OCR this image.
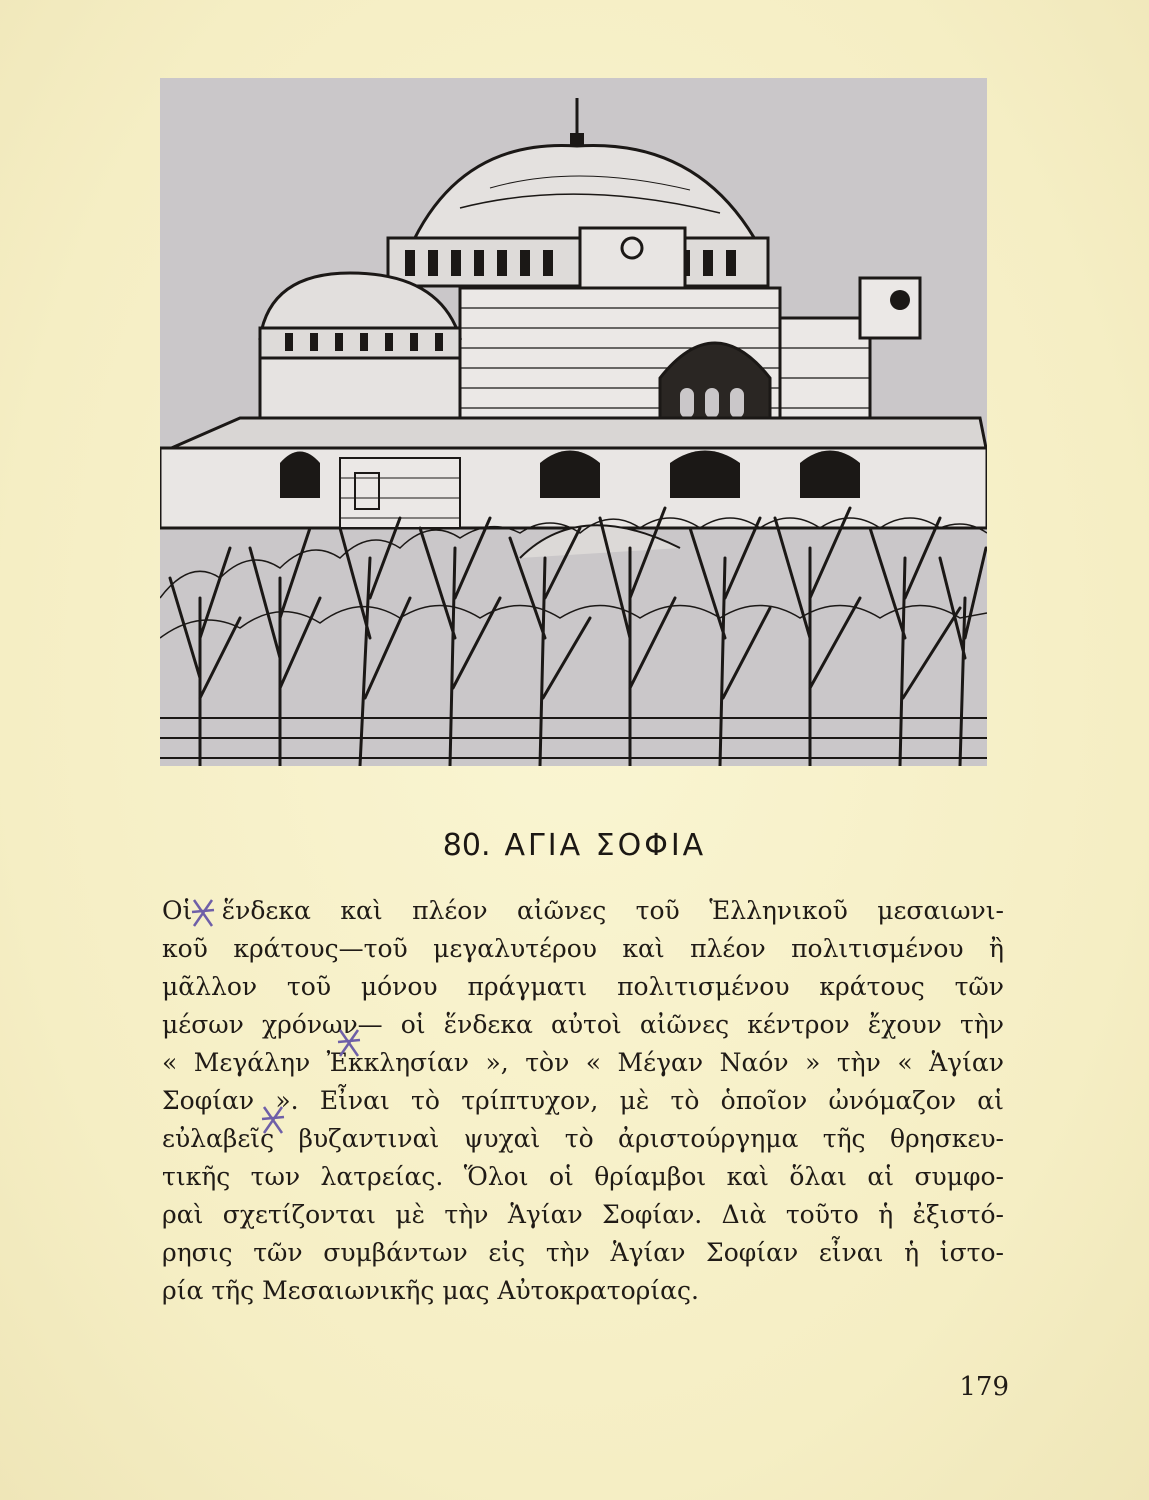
80. ΑΓΙΑ ΣΟΦΙΑ
Οἱ ἕνδεκα καὶ πλέον αἰῶνες τοῦ Ἑλληνικοῦ μεσαιωνι-
κοῦ κράτους—τοῦ μεγαλυτέρου καὶ πλέον πολιτισμένου ἢ
μᾶλλον τοῦ μόνου πράγματι πολιτισμένου κράτους τῶν
μέσων χρόνων— οἱ ἕνδεκα αὐτοὶ αἰῶνες κέντρον ἔχουν τὴν
« Μεγάλην Ἐκκλησίαν », τὸν « Μέγαν Ναόν » τὴν « Ἁγίαν
Σοφίαν ». Εἶναι τὸ τρίπτυχον, μὲ τὸ ὁποῖον ὠνόμαζον αἱ
εὐλαβεῖς βυζαντιναὶ ψυχαὶ τὸ ἀριστούργημα τῆς θρησκευ-
τικῆς των λατρείας. Ὅλοι οἱ θρίαμβοι καὶ ὅλαι αἱ συμφο-
ραὶ σχετίζονται μὲ τὴν Ἁγίαν Σοφίαν. Διὰ τοῦτο ἡ ἐξιστό-
ρησις τῶν συμβάντων εἰς τὴν Ἁγίαν Σοφίαν εἶναι ἡ ἱστο-
ρία τῆς Μεσαιωνικῆς μας Αὐτοκρατορίας.
179
